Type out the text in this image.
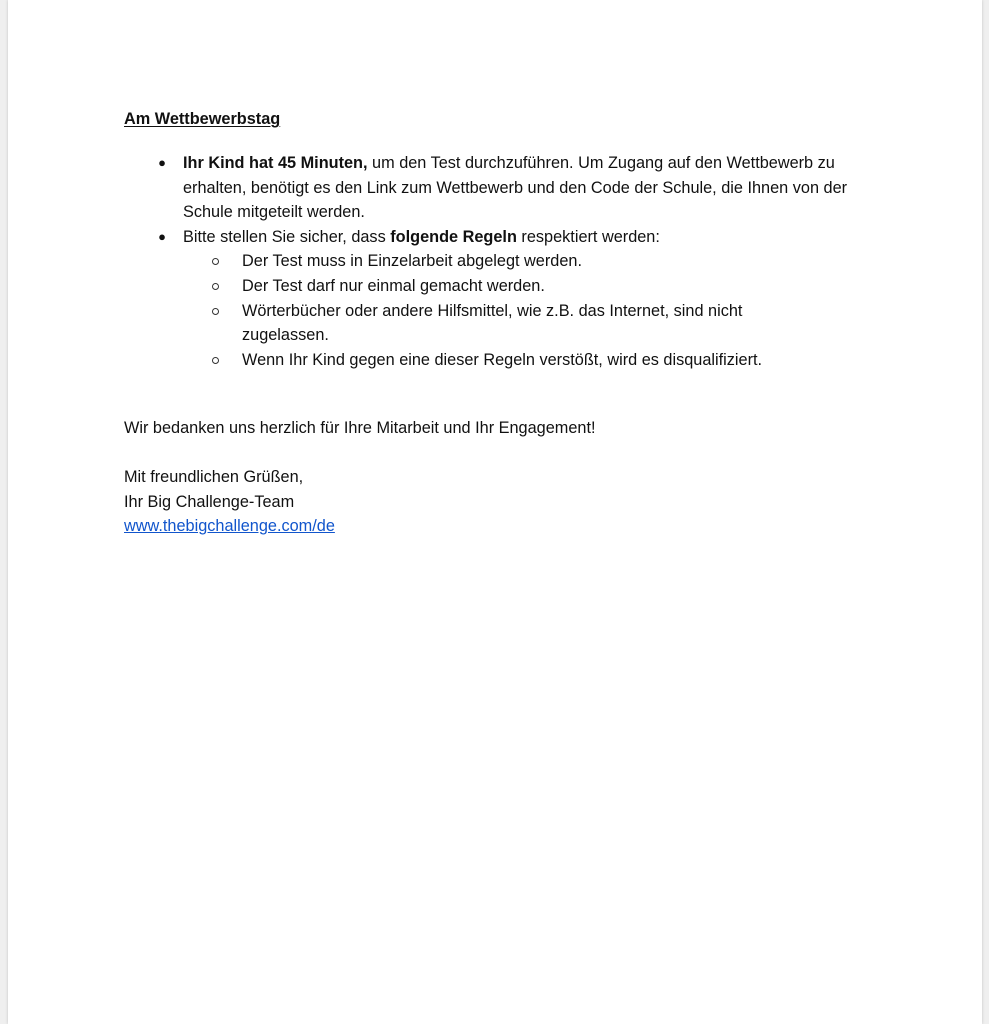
Am Wettbewerbstag
● Ihr Kind hat 45 Minuten, um den Test durchzuführen. Um Zugang auf den Wettbewerb zu erhalten, benötigt es den Link zum Wettbewerb und den Code der Schule, die Ihnen von der Schule mitgeteilt werden.
● Bitte stellen Sie sicher, dass folgende Regeln respektiert werden:
Der Test muss in Einzelarbeit abgelegt werden.
Der Test darf nur einmal gemacht werden.
Wörterbücher oder andere Hilfsmittel, wie z.B. das Internet, sind nicht zugelassen.
Wenn Ihr Kind gegen eine dieser Regeln verstößt, wird es disqualifiziert.

Wir bedanken uns herzlich für Ihre Mitarbeit und Ihr Engagement!

Mit freundlichen Grüßen,
Ihr Big Challenge-Team
www.thebigchallenge.com/de
